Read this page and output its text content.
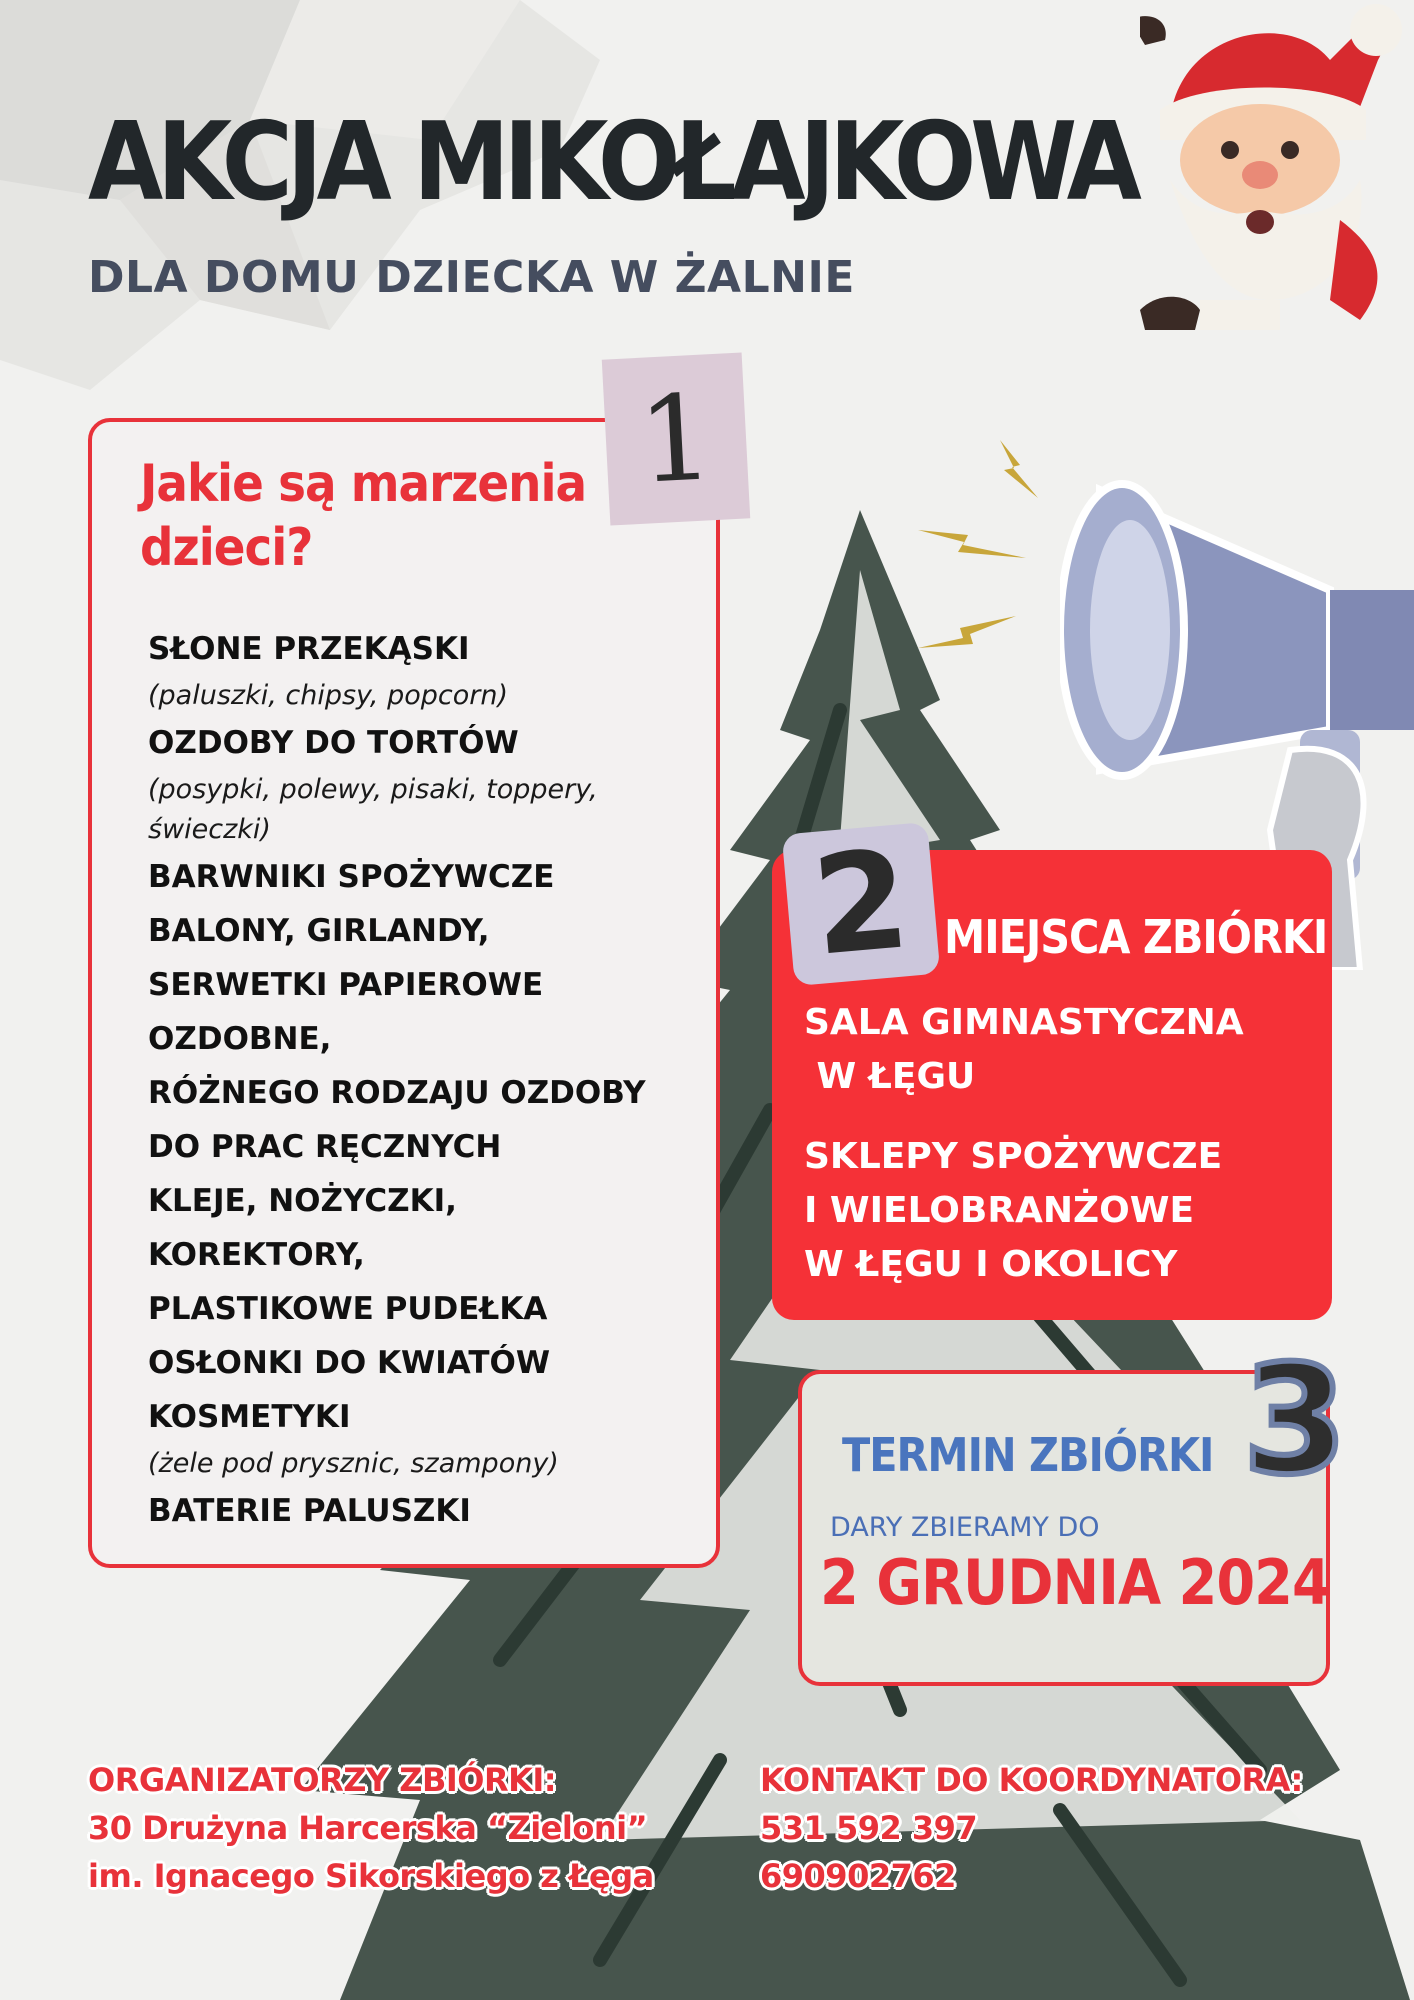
AKCJA MIKOŁAJKOWA
DLA DOMU DZIECKA W ŻALNIE
1
Jakie są marzenia dzieci?
SŁONE PRZEKĄSKI
(paluszki, chipsy, popcorn)
OZDOBY DO TORTÓW
(posypki, polewy, pisaki, toppery, świeczki)
BARWNIKI SPOŻYWCZE
BALONY, GIRLANDY,
SERWETKI PAPIEROWE
OZDOBNE,
RÓŻNEGO RODZAJU OZDOBY
DO PRAC RĘCZNYCH
KLEJE, NOŻYCZKI,
KOREKTORY,
PLASTIKOWE PUDEŁKA
OSŁONKI DO KWIATÓW
KOSMETYKI
(żele pod prysznic, szampony)
BATERIE PALUSZKI
2 MIEJSCA ZBIÓRKI
SALA GIMNASTYCZNA
W ŁĘGU
SKLEPY SPOŻYWCZE
I WIELOBRANŻOWE
W ŁĘGU I OKOLICY
3
TERMIN ZBIÓRKI
DARY ZBIERAMY DO
2 GRUDNIA 2024
ORGANIZATORZY ZBIÓRKI:
30 Drużyna Harcerska “Zieloni”
im. Ignacego Sikorskiego z Łęga
KONTAKT DO KOORDYNATORA:
531 592 397
690902762
